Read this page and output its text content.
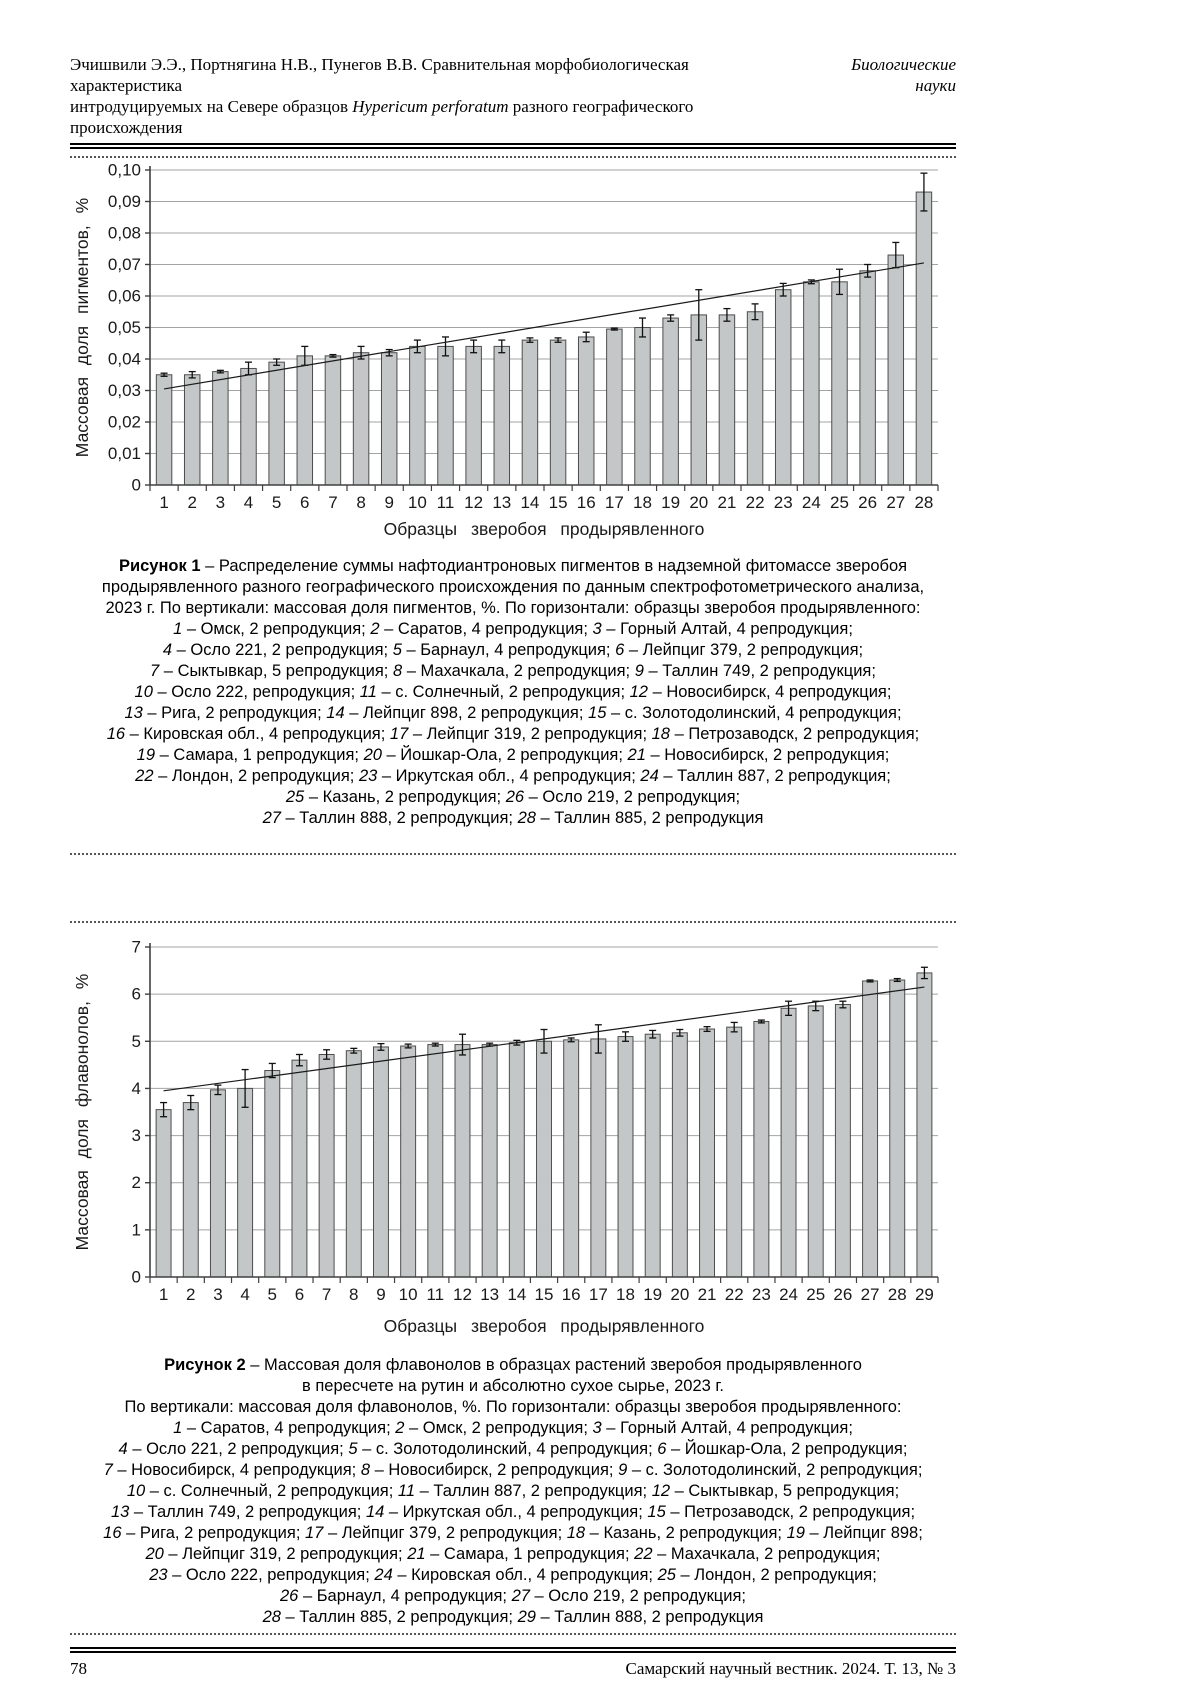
Эчишвили Э.Э., Портнягина Н.В., Пунегов В.В. Сравнительная морфобиологическая характеристика
интродуцируемых на Севере образцов Hypericum perforatum разного географического происхождения
Биологические
науки
0
0,01
0,02
0,03
0,04
0,05
0,06
0,07
0,08
0,09
0,10
1 2 3 4 5 6 7 8 9 10 11 12 13 14 15 16 17 18 19 20 21 22 23 24 25 26 27 28
Образцы зверобоя продырявленного
Массовая доля пигментов, %
Рисунок 1 – Распределение суммы нафтодиантроновых пигментов в надземной фитомассе зверобоя
продырявленного разного географического происхождения по данным спектрофотометрического анализа,
2023 г. По вертикали: массовая доля пигментов, %. По горизонтали: образцы зверобоя продырявленного:
1 – Омск, 2 репродукция; 2 – Саратов, 4 репродукция; 3 – Горный Алтай, 4 репродукция;
4 – Осло 221, 2 репродукция; 5 – Барнаул, 4 репродукция; 6 – Лейпциг 379, 2 репродукция;
7 – Сыктывкар, 5 репродукция; 8 – Махачкала, 2 репродукция; 9 – Таллин 749, 2 репродукция;
10 – Осло 222, репродукция; 11 – с. Солнечный, 2 репродукция; 12 – Новосибирск, 4 репродукция;
13 – Рига, 2 репродукция; 14 – Лейпциг 898, 2 репродукция; 15 – с. Золотодолинский, 4 репродукция;
16 – Кировская обл., 4 репродукция; 17 – Лейпциг 319, 2 репродукция; 18 – Петрозаводск, 2 репродукция;
19 – Самара, 1 репродукция; 20 – Йошкар-Ола, 2 репродукция; 21 – Новосибирск, 2 репродукция;
22 – Лондон, 2 репродукция; 23 – Иркутская обл., 4 репродукция; 24 – Таллин 887, 2 репродукция;
25 – Казань, 2 репродукция; 26 – Осло 219, 2 репродукция;
27 – Таллин 888, 2 репродукция; 28 – Таллин 885, 2 репродукция
0
1
2
3
4
5
6
7
1 2 3 4 5 6 7 8 9 10 11 12 13 14 15 16 17 18 19 20 21 22 23 24 25 26 27 28 29
Образцы зверобоя продырявленного
Массовая доля флавонолов, %
Рисунок 2 – Массовая доля флавонолов в образцах растений зверобоя продырявленного
в пересчете на рутин и абсолютно сухое сырье, 2023 г.
По вертикали: массовая доля флавонолов, %. По горизонтали: образцы зверобоя продырявленного:
1 – Саратов, 4 репродукция; 2 – Омск, 2 репродукция; 3 – Горный Алтай, 4 репродукция;
4 – Осло 221, 2 репродукция; 5 – с. Золотодолинский, 4 репродукция; 6 – Йошкар-Ола, 2 репродукция;
7 – Новосибирск, 4 репродукция; 8 – Новосибирск, 2 репродукция; 9 – с. Золотодолинский, 2 репродукция;
10 – с. Солнечный, 2 репродукция; 11 – Таллин 887, 2 репродукция; 12 – Сыктывкар, 5 репродукция;
13 – Таллин 749, 2 репродукция; 14 – Иркутская обл., 4 репродукция; 15 – Петрозаводск, 2 репродукция;
16 – Рига, 2 репродукция; 17 – Лейпциг 379, 2 репродукция; 18 – Казань, 2 репродукция; 19 – Лейпциг 898;
20 – Лейпциг 319, 2 репродукция; 21 – Самара, 1 репродукция; 22 – Махачкала, 2 репродукция;
23 – Осло 222, репродукция; 24 – Кировская обл., 4 репродукция; 25 – Лондон, 2 репродукция;
26 – Барнаул, 4 репродукция; 27 – Осло 219, 2 репродукция;
28 – Таллин 885, 2 репродукция; 29 – Таллин 888, 2 репродукция
78	Самарский научный вестник. 2024. Т. 13, № 3
